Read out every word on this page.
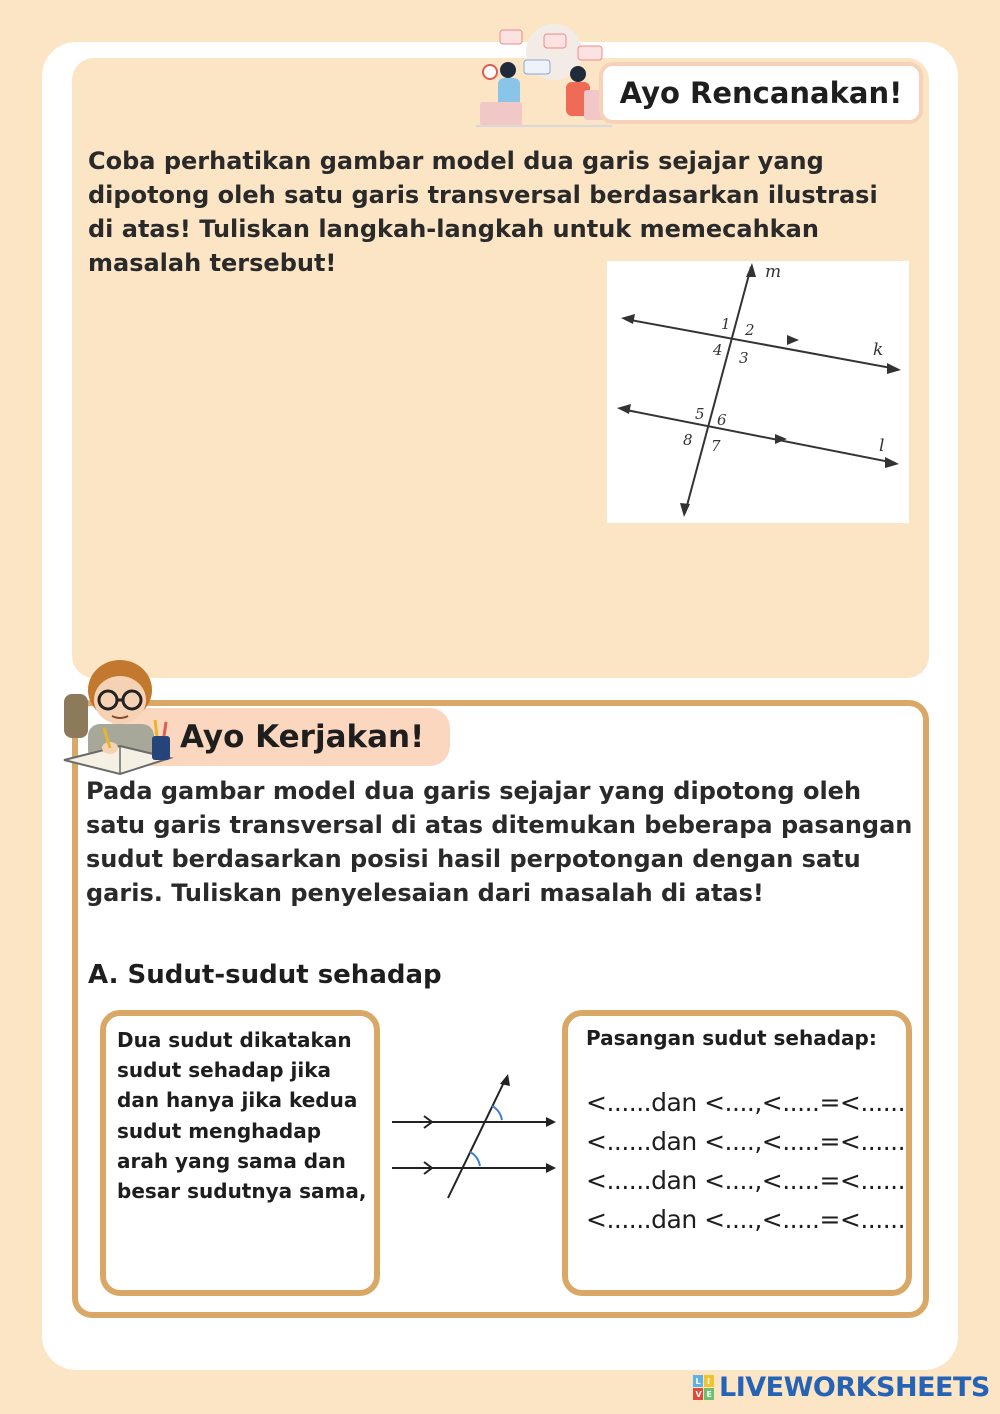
Ayo Rencanakan!

Coba perhatikan gambar model dua garis sejajar yang dipotong oleh satu garis transversal berdasarkan ilustrasi di atas! Tuliskan langkah-langkah untuk memecahkan masalah tersebut!	m
k
l
1 2
3
4
5 6
7
8
Ayo Kerjakan!

Pada gambar model dua garis sejajar yang dipotong oleh satu garis transversal di atas ditemukan beberapa pasangan sudut berdasarkan posisi hasil perpotongan dengan satu garis. Tuliskan penyelesaian dari masalah di atas!

A. Sudut-sudut sehadap

Dua sudut dikatakan sudut sehadap jika dan hanya jika kedua sudut menghadap arah yang sama dan besar sudutnya sama,

Pasangan sudut sehadap:
<......dan <....,<.....=<......
<......dan <....,<.....=<......
<......dan <....,<.....=<......
<......dan <....,<.....=<......
L I
V E LIVEWORKSHEETS
